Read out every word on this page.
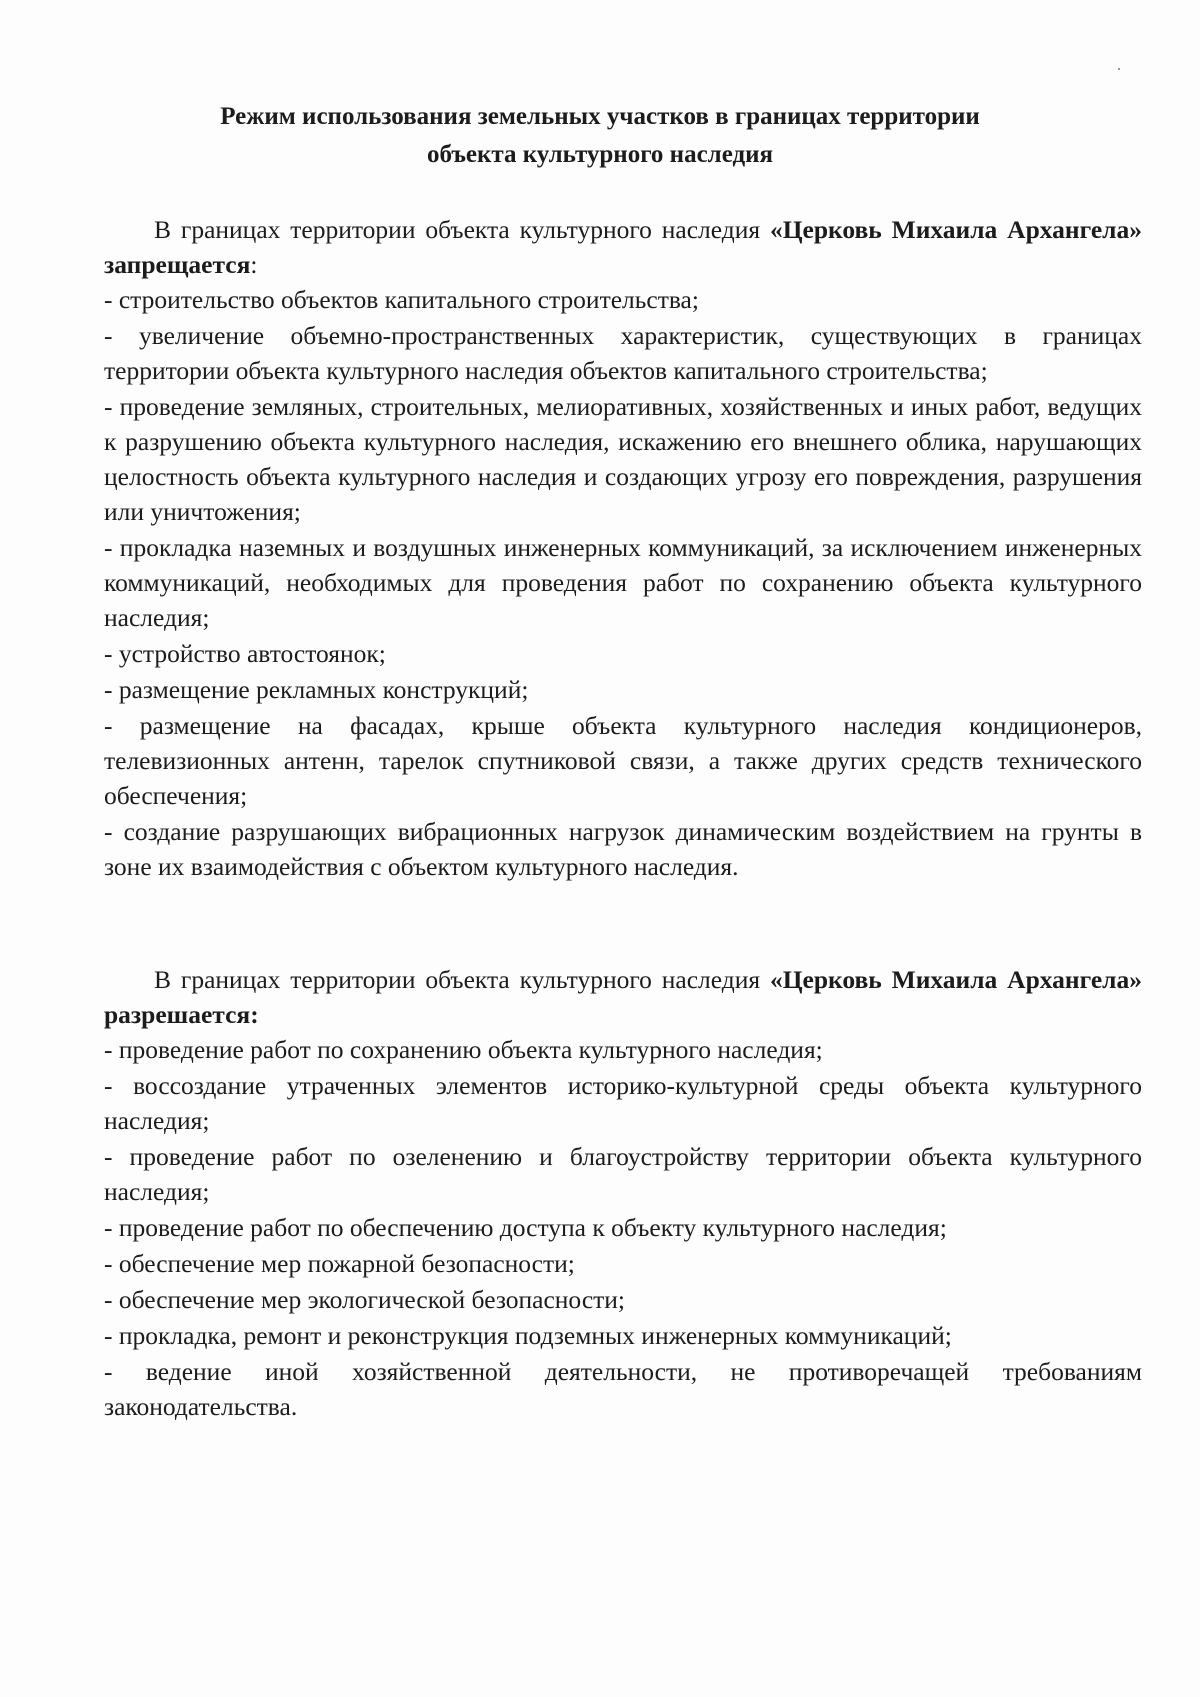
Режим использования земельных участков в границах территории
объекта культурного наследия

В границах территории объекта культурного наследия «Церковь Михаила Архангела» запрещается:

- строительство объектов капитального строительства;
- увеличение объемно-пространственных характеристик, существующих в границах территории объекта культурного наследия объектов капитального строительства;
- проведение земляных, строительных, мелиоративных, хозяйственных и иных работ, ведущих к разрушению объекта культурного наследия, искажению его внешнего облика, нарушающих целостность объекта культурного наследия и создающих угрозу его повреждения, разрушения или уничтожения;
- прокладка наземных и воздушных инженерных коммуникаций, за исключением инженерных коммуникаций, необходимых для проведения работ по сохранению объекта культурного наследия;
- устройство автостоянок;
- размещение рекламных конструкций;
- размещение на фасадах, крыше объекта культурного наследия кондиционеров, телевизионных антенн, тарелок спутниковой связи, а также других средств технического обеспечения;
- создание разрушающих вибрационных нагрузок динамическим воздействием на грунты в зоне их взаимодействия с объектом культурного наследия.

В границах территории объекта культурного наследия «Церковь Михаила Архангела» разрешается:

- проведение работ по сохранению объекта культурного наследия;
- воссоздание утраченных элементов историко-культурной среды объекта культурного наследия;
- проведение работ по озеленению и благоустройству территории объекта культурного наследия;
- проведение работ по обеспечению доступа к объекту культурного наследия;
- обеспечение мер пожарной безопасности;
- обеспечение мер экологической безопасности;
- прокладка, ремонт и реконструкция подземных инженерных коммуникаций;
- ведение иной хозяйственной деятельности, не противоречащей требованиям законодательства.
